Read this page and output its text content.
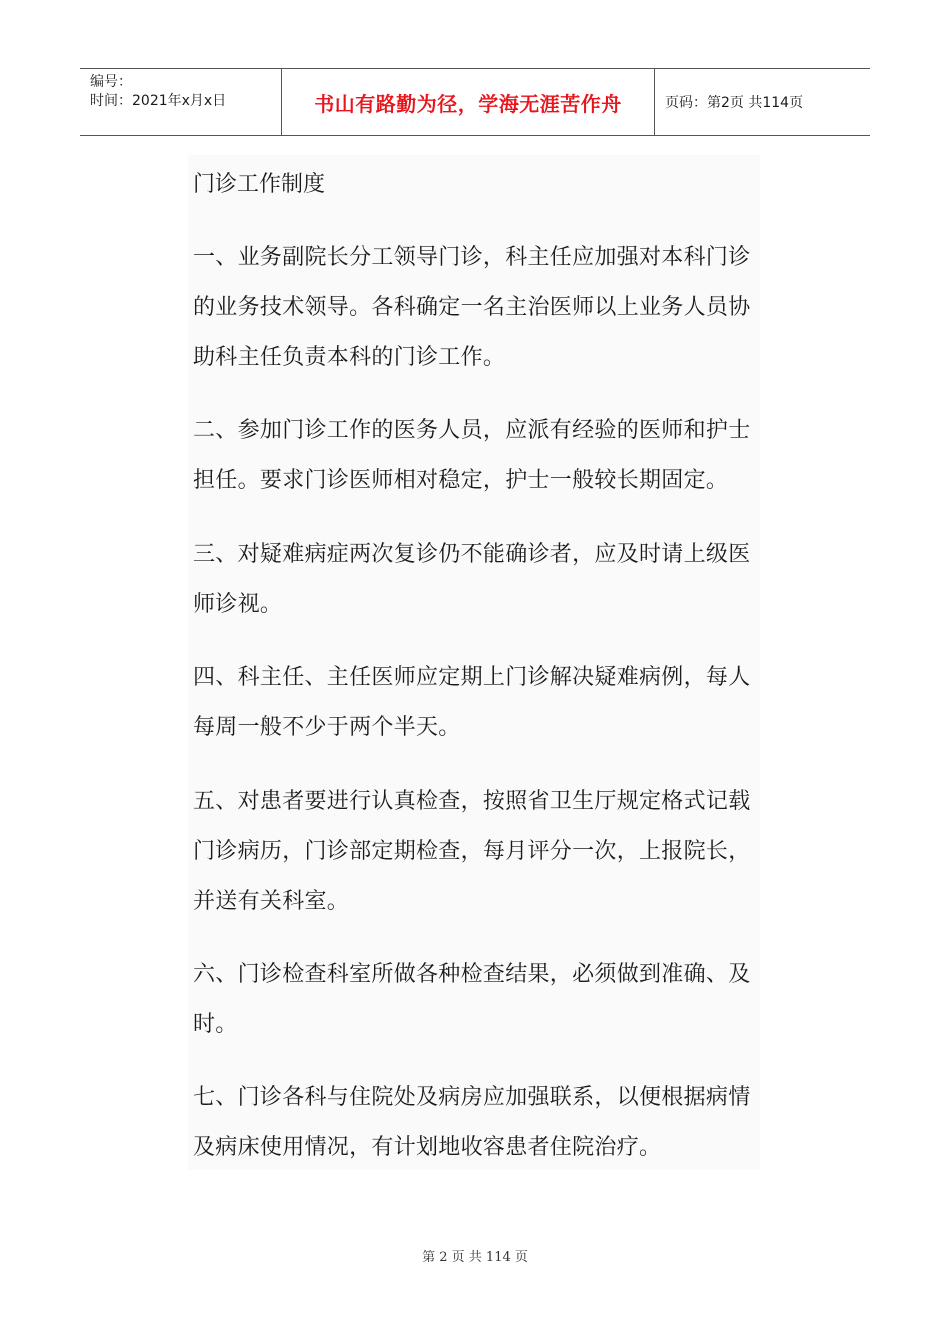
编号：
时间：2021年x月x日	书山有路勤为径，学海无涯苦作舟	页码：第2页 共114页
门诊工作制度

一、业务副院长分工领导门诊，科主任应加强对本科门诊的业务技术领导。各科确定一名主治医师以上业务人员协助科主任负责本科的门诊工作。

二、参加门诊工作的医务人员，应派有经验的医师和护士担任。要求门诊医师相对稳定，护士一般较长期固定。

三、对疑难病症两次复诊仍不能确诊者，应及时请上级医师诊视。

四、科主任、主任医师应定期上门诊解决疑难病例，每人每周一般不少于两个半天。

五、对患者要进行认真检查，按照省卫生厅规定格式记载门诊病历，门诊部定期检查，每月评分一次，上报院长，并送有关科室。

六、门诊检查科室所做各种检查结果，必须做到准确、及时。

七、门诊各科与住院处及病房应加强联系，以便根据病情及病床使用情况，有计划地收容患者住院治疗。

第 2 页 共 114 页
